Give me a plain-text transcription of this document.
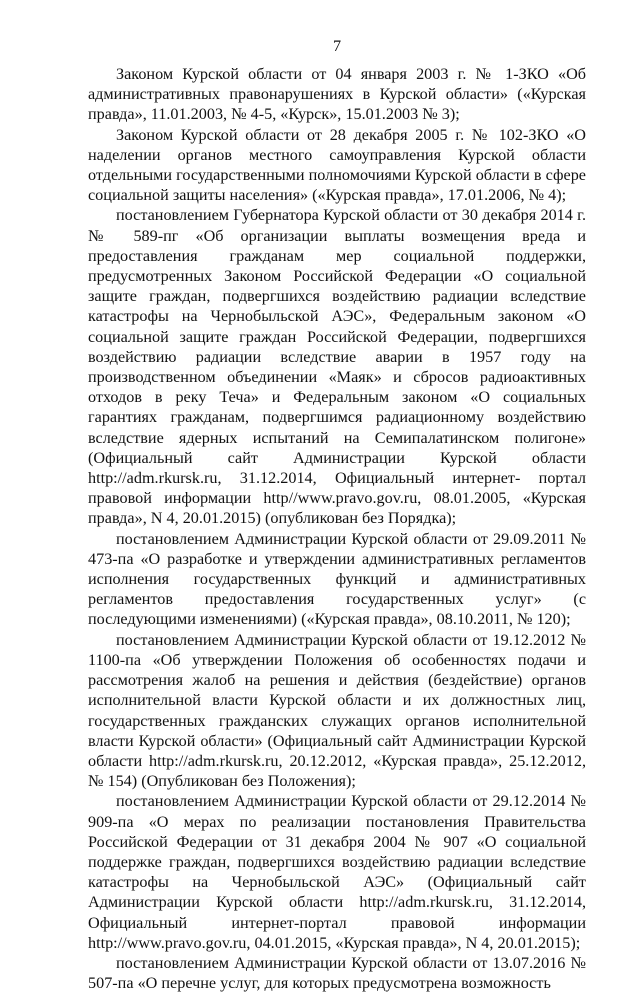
7

Законом Курской области от 04 января 2003 г. № 1-ЗКО «Об административных правонарушениях в Курской области» («Курская правда», 11.01.2003, № 4-5, «Курск», 15.01.2003 № 3);

Законом Курской области от 28 декабря 2005 г. № 102-ЗКО «О наделении органов местного самоуправления Курской области отдельными государственными полномочиями Курской области в сфере социальной защиты населения» («Курская правда», 17.01.2006, № 4);

постановлением Губернатора Курской области от 30 декабря 2014 г. № 589-пг «Об организации выплаты возмещения вреда и предоставления гражданам мер социальной поддержки, предусмотренных Законом Российской Федерации «О социальной защите граждан, подвергшихся воздействию радиации вследствие катастрофы на Чернобыльской АЭС», Федеральным законом «О социальной защите граждан Российской Федерации, подвергшихся воздействию радиации вследствие аварии в 1957 году на производственном объединении «Маяк» и сбросов радиоактивных отходов в реку Теча» и Федеральным законом «О социальных гарантиях гражданам, подвергшимся радиационному воздействию вследствие ядерных испытаний на Семипалатинском полигоне» (Официальный сайт Администрации Курской области http://adm.rkursk.ru, 31.12.2014, Официальный интернет- портал правовой информации http//www.pravo.gov.ru, 08.01.2005, «Курская правда», N 4, 20.01.2015) (опубликован без Порядка);

постановлением Администрации Курской области от 29.09.2011 № 473-па «О разработке и утверждении административных регламентов исполнения государственных функций и административных регламентов предоставления государственных услуг» (с последующими изменениями) («Курская правда», 08.10.2011, № 120);

постановлением Администрации Курской области от 19.12.2012 № 1100-па «Об утверждении Положения об особенностях подачи и рассмотрения жалоб на решения и действия (бездействие) органов исполнительной власти Курской области и их должностных лиц, государственных гражданских служащих органов исполнительной власти Курской области» (Официальный сайт Администрации Курской области http://adm.rkursk.ru, 20.12.2012, «Курская правда», 25.12.2012, № 154) (Опубликован без Положения);

постановлением Администрации Курской области от 29.12.2014 № 909-па «О мерах по реализации постановления Правительства Российской Федерации от 31 декабря 2004 № 907 «О социальной поддержке граждан, подвергшихся воздействию радиации вследствие катастрофы на Чернобыльской АЭС» (Официальный сайт Администрации Курской области http://adm.rkursk.ru, 31.12.2014, Официальный интернет-портал правовой информации http://www.pravo.gov.ru, 04.01.2015, «Курская правда», N 4, 20.01.2015);

постановлением Администрации Курской области от 13.07.2016 № 507-па «О перечне услуг, для которых предусмотрена возможность
